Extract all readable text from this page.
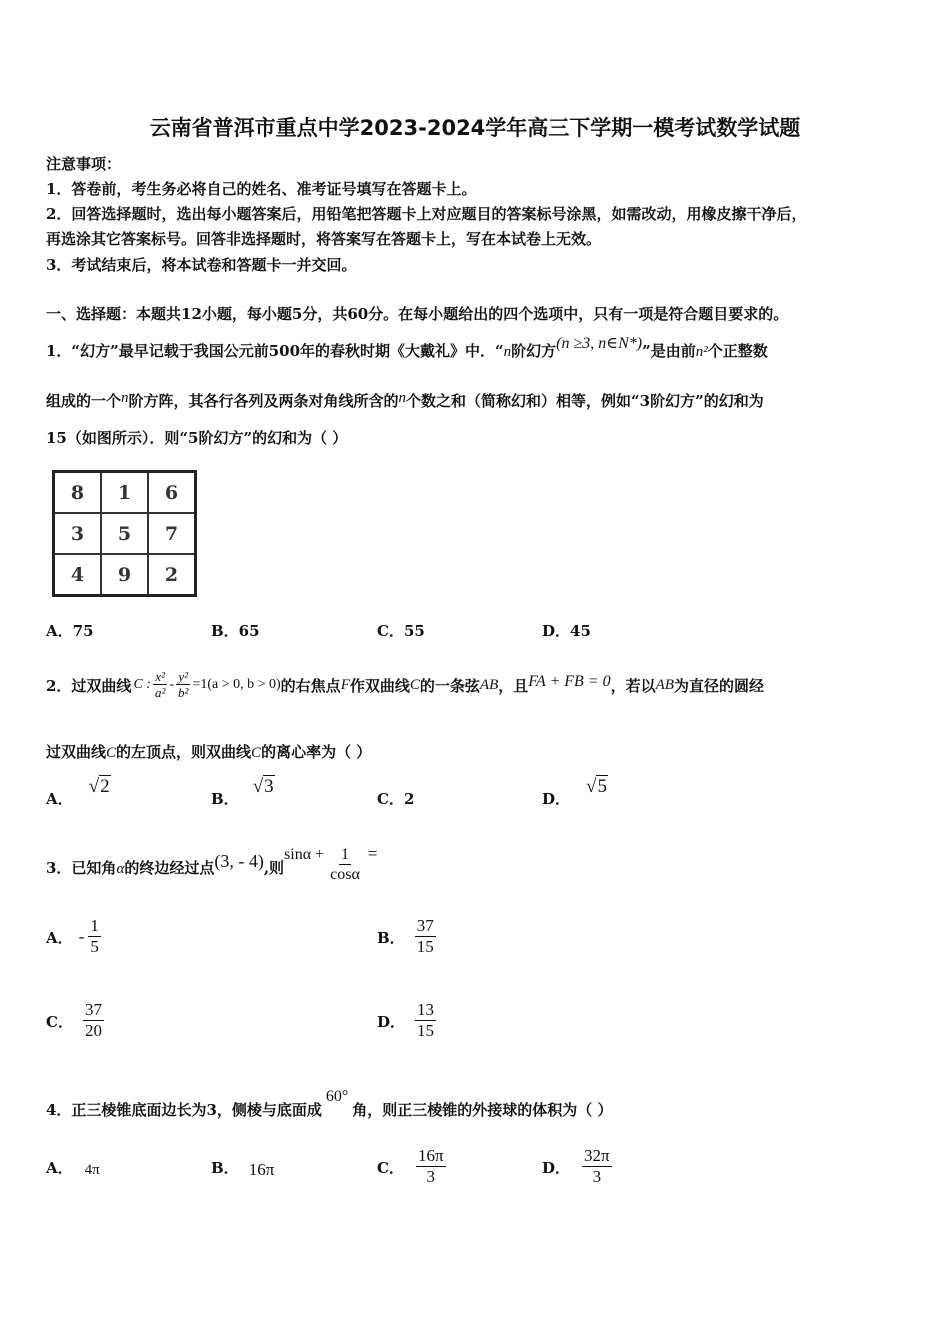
云南省普洱市重点中学2023-2024学年高三下学期一模考试数学试题
注意事项：
1．答卷前，考生务必将自己的姓名、准考证号填写在答题卡上。
2．回答选择题时，选出每小题答案后，用铅笔把答题卡上对应题目的答案标号涂黑，如需改动，用橡皮擦干净后，
再选涂其它答案标号。回答非选择题时，将答案写在答题卡上，写在本试卷上无效。
3．考试结束后，将本试卷和答题卡一并交回。
一、选择题：本题共12小题，每小题5分，共60分。在每小题给出的四个选项中，只有一项是符合题目要求的。
1．“幻方”最早记载于我国公元前500年的春秋时期《大戴礼》中．“n阶幻方(n ≥3, n∈N*)”是由前n²个正整数
组成的一个n阶方阵，其各行各列及两条对角线所含的n个数之和（简称幻和）相等，例如“3阶幻方”的幻和为
15（如图所示）．则“5阶幻方”的幻和为（ ）
8	1	6
3	5	7
4	9	2
A．75	B．65	C．55	D．45
2．过双曲线 C : $\frac{\text{x²}}{\text{a²}} - \frac{\text{y²}}{\text{b²}} =1(a > 0$, b > 0) 的右焦点 F 作双曲线 C 的一条弦 AB ，且 FA + FB = 0 ，若以 AB 为直径的圆经
过双曲线C的左顶点，则双曲线C的离心率为（ ）
A．√2
B．√3
C．2	D．√5
3．已知角 α 的终边经过点 (3, - 4) ,则
$\sin\alpha + \frac{1}{\cos\alpha}$ =
A． - $\frac{1}{5}$	B． $\frac{37}{15}$
C． $\frac{37}{20}$	D． $\frac{13}{15}$
4．正三棱锥底面边长为3，侧棱与底面成60°角，则正三棱锥的外接球的体积为（ ）
A． 4π	B． 16π	C． $\frac{16\pi}{3}$	D． $\frac{32\pi}{3}$
